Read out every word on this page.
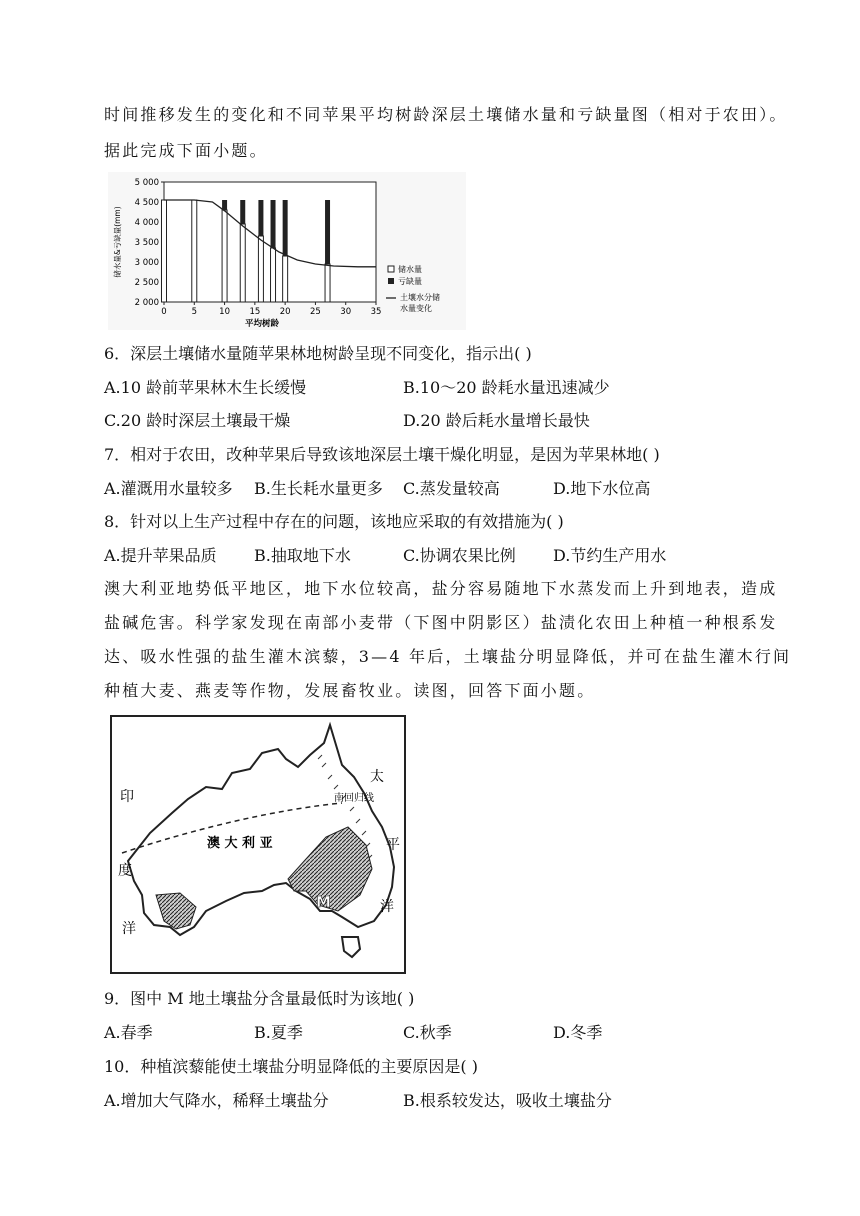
时间推移发生的变化和不同苹果平均树龄深层土壤储水量和亏缺量图（相对于农田）。
据此完成下面小题。
2 000
2 500
3 000
3 500
4 000
4 500
5 000
0	5	10 15 20 25 30 35
平均树龄
储水量&亏缺量(mm)	储水量
亏缺量
土壤水分储
水量变化
6．深层土壤储水量随苹果林地树龄呈现不同变化，指示出( )
A.10 龄前苹果林木生长缓慢	B.10～20 龄耗水量迅速减少
C.20 龄时深层土壤最干燥	D.20 龄后耗水量增长最快
7．相对于农田，改种苹果后导致该地深层土壤干燥化明显，是因为苹果林地( )
A.灌溉用水量较多 B.生长耗水量更多 C.蒸发量较高	D.地下水位高
8．针对以上生产过程中存在的问题，该地应采取的有效措施为( )
A.提升苹果品质 B.抽取地下水	C.协调农果比例 D.节约生产用水
澳大利亚地势低平地区，地下水位较高，盐分容易随地下水蒸发而上升到地表，造成
盐碱危害。科学家发现在南部小麦带（下图中阴影区）盐渍化农田上种植一种根系发
达、吸水性强的盐生灌木滨藜，3—4 年后，土壤盐分明显降低，并可在盐生灌木行间
种植大麦、燕麦等作物，发展畜牧业。读图，回答下面小题。
澳 大 利 亚
南回归线
印
度
洋
太
平
洋
M
9．图中 M 地土壤盐分含量最低时为该地( )
A.春季	B.夏季	C.秋季	D.冬季
10．种植滨藜能使土壤盐分明显降低的主要原因是( )
A.增加大气降水，稀释土壤盐分	B.根系较发达，吸收土壤盐分
